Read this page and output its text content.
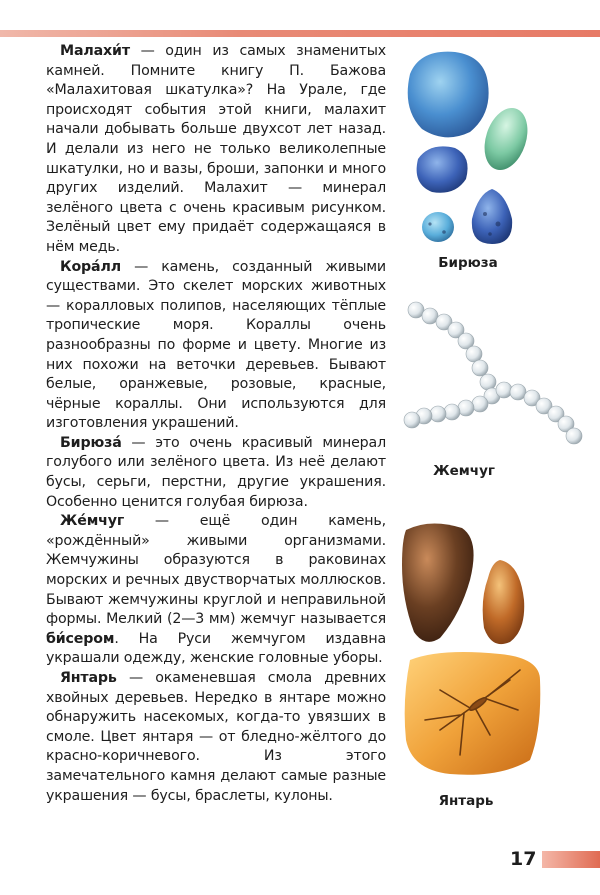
Малахи́т — один из самых знаменитых камней. Помните книгу П. Бажова «Малахитовая шкатулка»? На Урале, где происходят события этой книги, малахит начали добывать больше двухсот лет назад. И делали из него не только великолепные шкатулки, но и вазы, броши, запонки и много других изделий. Малахит — минерал зелёного цвета с очень красивым рисунком. Зелёный цвет ему придаёт содержащаяся в нём медь.

Кора́лл — камень, созданный живыми существами. Это скелет морских животных — коралловых полипов, населяющих тёплые тропические моря. Кораллы очень разнообразны по форме и цвету. Многие из них похожи на веточки деревьев. Бывают белые, оранжевые, розовые, красные, чёрные кораллы. Они используются для изготовления украшений.

Бирюза́ — это очень красивый минерал голубого или зелёного цвета. Из неё делают бусы, серьги, перстни, другие украшения. Особенно ценится голубая бирюза.

Же́мчуг — ещё один камень, «рождённый» живыми организмами. Жемчужины образуются в раковинах морских и речных двустворчатых моллюсков. Бывают жемчужины круглой и неправильной формы. Мелкий (2—3 мм) жемчуг называется би́сером. На Руси жемчугом издавна украшали одежду, женские головные уборы.

Янтарь — окаменевшая смола древних хвойных деревьев. Нередко в янтаре можно обнаружить насекомых, когда-то увязших в смоле. Цвет янтаря — от бледно-жёлтого до красно-коричневого. Из этого замечательного камня делают самые разные украшения — бусы, браслеты, кулоны.

Бирюза
Жемчуг
Янтарь
17
